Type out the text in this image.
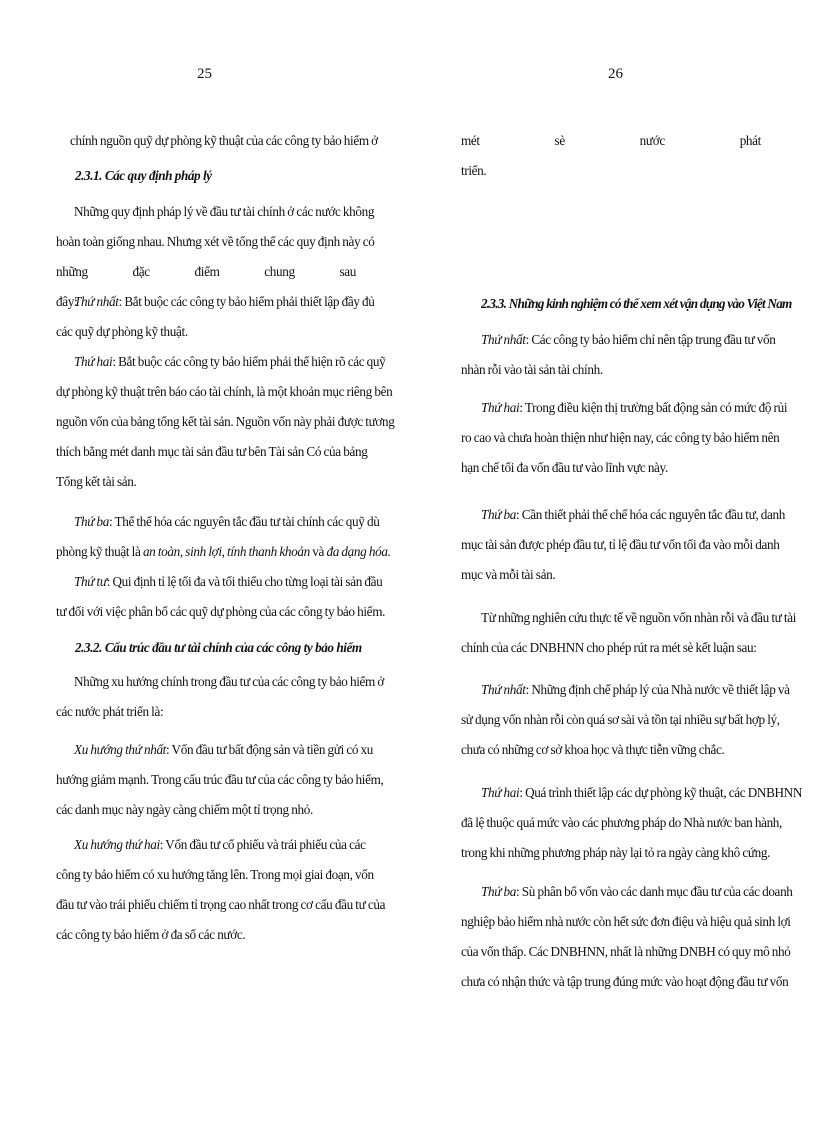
25
chính nguồn quỹ dự phòng kỹ thuật của các công ty bảo hiểm ở
2.3.1. Các quy định pháp lý
Những quy định pháp lý về đầu tư tài chính ở các nước không
hoàn toàn giống nhau. Nhưng xét về tổng thể các quy định này có
những đặc điểm chung sau đây:
Thứ nhất: Bắt buộc các công ty bảo hiểm phải thiết lập đầy đủ
các quỹ dự phòng kỹ thuật.
Thứ hai: Bắt buộc các công ty bảo hiểm phải thể hiện rõ các quỹ
dự phòng kỹ thuật trên báo cáo tài chính, là một khoản mục riêng bên
nguồn vốn của bảng tổng kết tài sản. Nguồn vốn này phải được tương
thích bằng mét danh mục tài sản đầu tư bên Tài sản Có của bảng
Tổng kết tài sản.
Thứ ba: Thể thể hóa các nguyên tắc đầu tư tài chính các quỹ dù
phòng kỹ thuật là an toàn, sinh lợi, tính thanh khoản và đa dạng hóa.
Thứ tư: Qui định tỉ lệ tối đa và tối thiểu cho từng loại tài sản đầu
tư đối với việc phân bổ các quỹ dự phòng của các công ty bảo hiểm.
2.3.2. Cấu trúc đầu tư tài chính của các công ty bảo hiểm
Những xu hướng chính trong đầu tư của các công ty bảo hiểm ở
các nước phát triển là:
Xu hướng thứ nhất: Vốn đầu tư bất động sản và tiền gửi có xu
hướng giảm mạnh. Trong cấu trúc đầu tư của các công ty bảo hiểm,
các danh mục này ngày càng chiếm một tỉ trọng nhỏ.
Xu hướng thứ hai: Vốn đầu tư cổ phiếu và trái phiếu của các
công ty bảo hiểm có xu hướng tăng lên. Trong mọi giai đoạn, vốn
đầu tư vào trái phiếu chiếm tỉ trọng cao nhất trong cơ cấu đầu tư của
các công ty bảo hiểm ở đa số các nước.
26
mét sè nước phát triển.
2.3.3. Những kinh nghiệm có thể xem xét vận dụng vào Việt Nam
Thứ nhất: Các công ty bảo hiểm chỉ nên tập trung đầu tư vốn
nhàn rỗi vào tài sản tài chính.
Thứ hai: Trong điều kiện thị trường bất động sản có mức độ rủi
ro cao và chưa hoàn thiện như hiện nay, các công ty bảo hiểm nên
hạn chế tối đa vốn đầu tư vào lĩnh vực này.
Thứ ba: Cần thiết phải thể chế hóa các nguyên tắc đầu tư, danh
mục tài sản được phép đầu tư, tỉ lệ đầu tư vốn tối đa vào mỗi danh
mục và mỗi tài sản.
Từ những nghiên cứu thực tế về nguồn vốn nhàn rỗi và đầu tư tài
chính của các DNBHNN cho phép rút ra mét sè kết luận sau:
Thứ nhất: Những định chế pháp lý của Nhà nước về thiết lập và
sử dụng vốn nhàn rỗi còn quá sơ sài và tồn tại nhiều sự bất hợp lý,
chưa có những cơ sở khoa học và thực tiễn vững chắc.
Thứ hai: Quá trình thiết lập các dự phòng kỹ thuật, các DNBHNN
đã lệ thuộc quá mức vào các phương pháp do Nhà nước ban hành,
trong khi những phương pháp này lại tỏ ra ngày càng khô cứng.
Thứ ba: Sù phân bổ vốn vào các danh mục đầu tư của các doanh
nghiệp bảo hiểm nhà nước còn hết sức đơn điệu và hiệu quả sinh lợi
của vốn thấp. Các DNBHNN, nhất là những DNBH có quy mô nhỏ
chưa có nhận thức và tập trung đúng mức vào hoạt động đầu tư vốn
